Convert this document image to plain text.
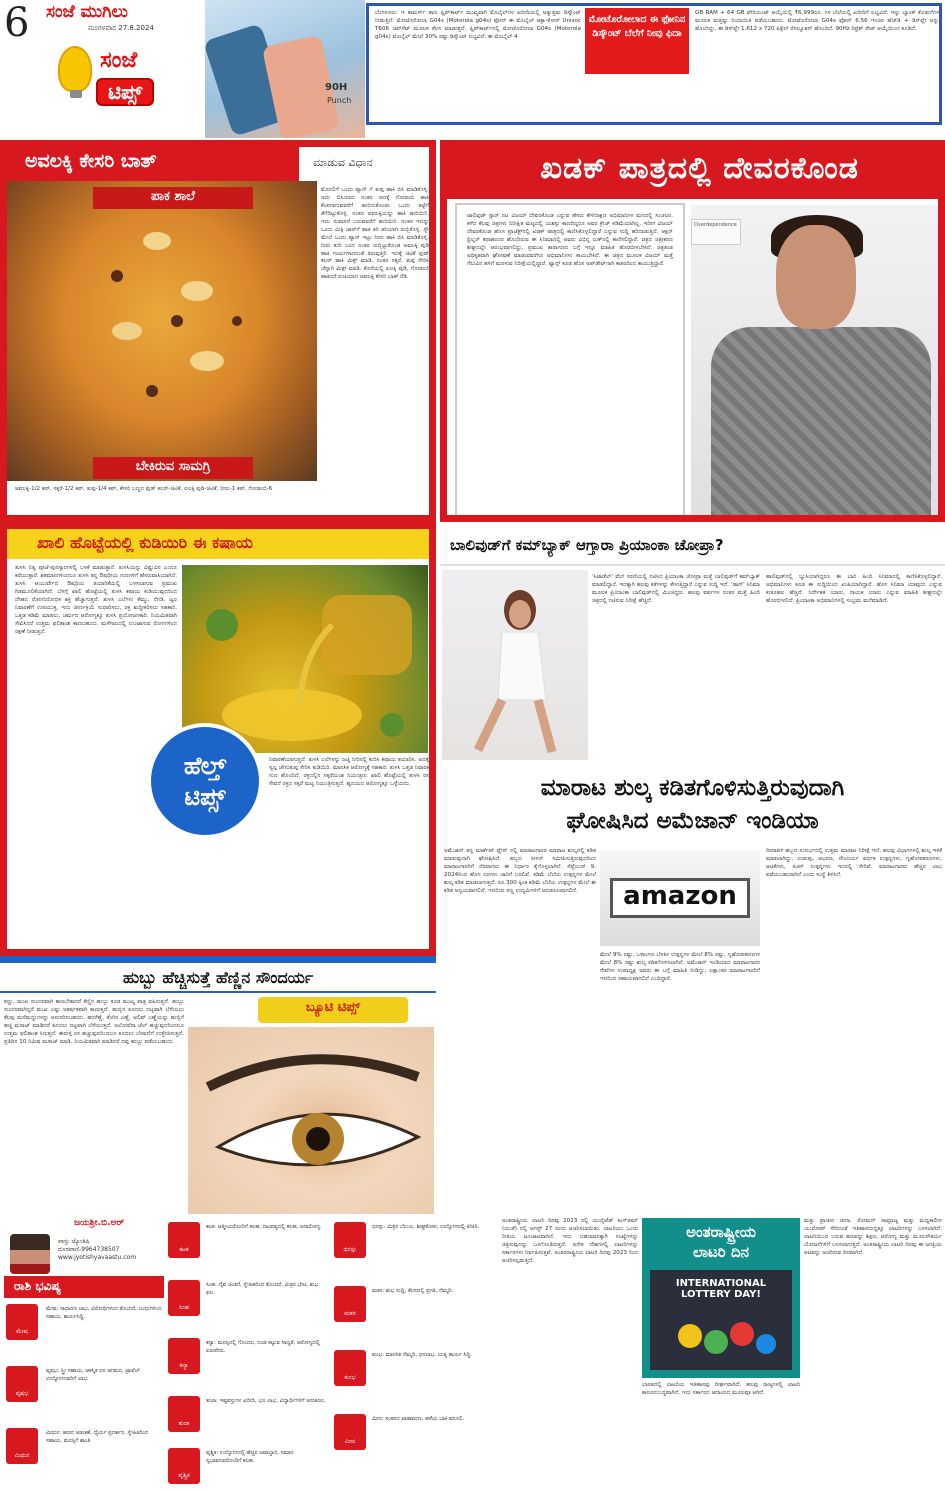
6 ಸಂಜೆ ಮುಗಿಲು
ಮಂಗಳವಾರ 27.8.2024
ಸಂಜೆ
ಟಿಪ್ಸ್	90H
Punch
ಬೆಂಗಳೂರು: ಇ ಕಾಮರ್ಸ್ ತಾಣ ಫ್ಲಿಪ್‌ಕಾರ್ಟ್ ಮುಖ್ಯವಾಗಿ ಮೊಬೈಲ್‌ಗಳ ಖರೀದಿಯಲ್ಲಿ ಅತ್ಯುತ್ತಮ ಡಿಸ್ಕೌಂಟ್ ನೀಡುತ್ತಿದೆ. ಮೋಟೊರೋಲಾ G04s (Motorola g04s) ಫೋನ್ ಈ ಮೊಬೈಲ್ ಆಕ್ಟಾ-ಕೋರ್ Unisoc T606 ಚಿಪ್‌ಸೆಟ್ ಮೂಲಕ ಕೆಲಸ ಮಾಡುತ್ತದೆ. ಫ್ಲಿಪ್‌ಕಾರ್ಟ್‌ನಲ್ಲಿ ಮೋಟೊರೋಲಾ G04s (Motorola g04s) ಮೊಬೈಲ್ ಮೇಲೆ 30% ರಷ್ಟು ಡಿಸ್ಕೌಂಟ್ ಲಭ್ಯವಿದೆ. ಈ ಮೊಬೈಲ್ 4
ಮೋಟೊರೋಲಾದ ಈ ಫೋನಿನ ಡಿಸ್ಕೌಂಟ್ ಬೆಲೆಗೆ ನೀವು ಫಿದಾ
GB RAM + 64 GB ವೇರಿಯಂಟ್ ಆಯ್ಕೆಯಲ್ಲಿ ₹6,999ರೂ. ಗಳ ಬೆಲೆಯಲ್ಲಿ ಖರೀದಿಗೆ ಲಭ್ಯವಿದೆ. ಇನ್ನು ಬ್ಯಾಂಕ್ ಕೊಡುಗೆಗಳ ಮೂಲಕ ಮತ್ತಷ್ಟು ರಿಯಾಯಿತಿ ಪಡೆಯಬಹುದು. ಮೋಟೊರೋಲಾ G04s ಫೋನ್ 6.56 ಇಂಚಿನ ಹೆಚ್‌ಡಿ + ಡಿಸ್‌ಪ್ಲೇ ಅನ್ನು ಹೊಂದಿದ್ದು, ಈ ಡಿಸ್‌ಪ್ಲೇ 1,612 x 720 ಪಿಕ್ಸೆಲ್ ರೆಸಲ್ಯೂಶನ್ ಹೊಂದಿದೆ. 90Hz ರಿಫ್ರೆಶ್ ರೇಟ್ ಆಯ್ಕೆಯಿಂದ ಕೂಡಿದೆ.
ಅವಲಕ್ಕಿ ಕೇಸರಿ ಬಾತ್	ಮಾಡುವ ವಿಧಾನ
ಪಾಕ ಶಾಲೆ
ಬೇಕಿರುವ ಸಾಮಗ್ರಿ
ಅವಲಕ್ಕಿ-1/2 ಕಪ್, ಸಕ್ಕರೆ-1/2 ಕಪ್, ತುಪ್ಪ-1/4 ಕಪ್, ಕೇಸರಿ ಬಣ್ಣದ ಫುಡ್ ಕಲರ್-ಚಿಟಿಕೆ, ಏಲಕ್ಕಿ ಪುಡಿ-ಚಿಟಿಕೆ, ನೀರು-1 ಕಪ್, ಗೋಡಂಬಿ-6
ಮೊದಲಿಗೆ ಒಂದು ಪ್ಯಾನ್ ಗೆ ತುಪ್ಪ ಹಾಕಿ ಬಿಸಿ ಮಾಡಿಕೊಳ್ಳಿ. ಅದು ಬಿಸಿಯಾದ ನಂತರ ಅದಕ್ಕೆ ಗೋಡಂಬಿ ಹಾಕಿ ಕೆಂಪಗಾಗುವವರೆಗೆ ಹುರಿದುಕೊಂಡು ಒಂದು ತಟ್ಟೆಗೆ ತೆಗೆದಿಟ್ಟುಕೊಳ್ಳಿ. ನಂತರ ಅವಲಕ್ಕಿಯನ್ನು ಹಾಕಿ ಹುರಿಯಿರಿ. ಇದು ಸುವಾಸನೆ ಬರುವವರೆಗೆ ಹುರಿಯಿರಿ. ನಂತರ ಇದನ್ನು ಒಂದು ಮಿಕ್ಸಿ ಜಾರ್‌ಗೆ ಹಾಕಿ ತರಿ ತರಿಯಾಗಿ ರುಬ್ಬಿಕೊಳ್ಳಿ. ಸ್ಟೌ ಮೇಲೆ ಒಂದು ಪ್ಯಾನ್ ಇಟ್ಟು ನೀರು ಹಾಕಿ ಬಿಸಿ ಮಾಡಿಕೊಳ್ಳಿ. ನೀರು ಕುದಿ ಬಂದ ನಂತರ ರುಬ್ಬಿಟ್ಟುಕೊಂಡ ಅವಲಕ್ಕಿ ಪುಡಿ ಹಾಕಿ ಗಂಟುಗಳಾಗದಂತೆ ತಿರುವುತ್ತಿರಿ. ಇದಕ್ಕೆ ಚಿಟಿಕೆ ಫುಡ್ ಕಲರ್ ಹಾಕಿ ಮಿಕ್ಸ್ ಮಾಡಿ. ನಂತರ ಸಕ್ಕರೆ, ತುಪ್ಪ ಸೇರಿಸಿ ಚೆನ್ನಾಗಿ ಮಿಕ್ಸ್ ಮಾಡಿ. ಕೊನೆಯಲ್ಲಿ ಏಲಕ್ಕಿ ಪುಡಿ, ಗೋಡಂಬಿ ಹಾಕಿದರೆ ರುಚಿಯಾದ ಅವಲಕ್ಕಿ ಕೇಸರಿ ಬಾತ್ ರೆಡಿ.
ಖಡಕ್ ಪಾತ್ರದಲ್ಲಿ ದೇವರಕೊಂಡ
ಟಾಲಿವುಡ್ ಸ್ಟಾರ್ ನಟ ವಿಜಯ್ ದೇವರಕೊಂಡ ಎನ್ನುವ ಹೆಸರು ಕೇಳಿದಾಕ್ಷಣ ಅಭಿಮಾನಿಗಳ ಮನದಲ್ಲಿ ಸಂಚಲನ. ಕಳೆದ ಕೆಲವು ಚಿತ್ರಗಳು ನಿರೀಕ್ಷಿತ ಮಟ್ಟದಲ್ಲಿ ಯಶಸ್ಸು ಕಾಣದಿದ್ದರೂ ಅವರ ಕ್ರೇಜ್ ಕಡಿಮೆಯಾಗಿಲ್ಲ. ಇದೀಗ ವಿಜಯ್ ದೇವರಕೊಂಡ ಹೊಸ ಪ್ರಾಜೆಕ್ಟ್‌ನಲ್ಲಿ ಖಡಕ್ ಪಾತ್ರದಲ್ಲಿ ಕಾಣಿಸಿಕೊಳ್ಳಲಿದ್ದಾರೆ ಎನ್ನುವ ಸುದ್ದಿ ಹರಿದಾಡುತ್ತಿದೆ. ಆಕ್ಷನ್ ಥ್ರಿಲ್ಲರ್ ಕಥಾಹಂದರ ಹೊಂದಿರುವ ಈ ಸಿನಿಮಾದಲ್ಲಿ ಅವರು ವಿಭಿನ್ನ ಲುಕ್‌ನಲ್ಲಿ ಕಾಣಿಸಲಿದ್ದಾರೆ. ಚಿತ್ರದ ಚಿತ್ರೀಕರಣ ಶೀಘ್ರದಲ್ಲೇ ಆರಂಭವಾಗಲಿದ್ದು, ಪ್ರಮುಖ ತಾರಾಗಣದ ಬಗ್ಗೆ ಇನ್ನೂ ಮಾಹಿತಿ ಹೊರಬೀಳಬೇಕಿದೆ. ಚಿತ್ರತಂಡ ಅಧಿಕೃತವಾಗಿ ಘೋಷಣೆ ಮಾಡುವವರೆಗೂ ಅಭಿಮಾನಿಗಳು ಕಾಯಬೇಕಿದೆ. ಈ ಚಿತ್ರದ ಮೂಲಕ ವಿಜಯ್ ಮತ್ತೆ ಗೆಲುವಿನ ಹಳಿಗೆ ಮರಳುವ ನಿರೀಕ್ಷೆಯಲ್ಲಿದ್ದಾರೆ. ಫ್ಯಾನ್ಸ್ ಕೂಡ ಹೊಸ ಅಪ್‌ಡೇಟ್‌ಗಾಗಿ ಕಾತರದಿಂದ ಕಾಯುತ್ತಿದ್ದಾರೆ.
Overdependence
ಖಾಲಿ ಹೊಟ್ಟೆಯಲ್ಲಿ ಕುಡಿಯಿರಿ ಈ ಕಷಾಯ
ತುಳಸಿ ನಿತ್ಯ ಪೂಜೆ-ಪುನಸ್ಕಾರಗಳಲ್ಲಿ ಬಳಕೆ ಮಾಡುತ್ತಾರೆ. ತುಳಸಿಯನ್ನು ವಿಷ್ಣುವಿನ ಎಂದೂ ಕರೆಯುತ್ತಾರೆ. ಶತಮಾನಗಳಿಂದಲೂ ತುಳಸಿ ತನ್ನ ಔಷಧೀಯ ಗುಣಗಳಿಗೆ ಹೆಸರುವಾಸಿಯಾಗಿದೆ. ತುಳಸಿ ಆಯುರ್ವೇದ ಔಷಧಿಯ ತಯಾರಿಕೆಯಲ್ಲಿ ಬಳಸಲಾಗುವ ಪ್ರಮುಖ ಗಿಡಮೂಲಿಕೆಯಾಗಿದೆ. ಬೆಳಗ್ಗೆ ಖಾಲಿ ಹೊಟ್ಟೆಯಲ್ಲಿ ತುಳಸಿ ಕಷಾಯ ಕುಡಿಯುವುದರಿಂದ ದೇಹದ ರೋಗನಿರೋಧಕ ಶಕ್ತಿ ಹೆಚ್ಚಾಗುತ್ತದೆ. ತುಳಸಿ ಎಲೆಗಳು ಕೆಮ್ಮು, ನೆಗಡಿ, ಜ್ವರ ನಿವಾರಣೆಗೆ ಉಪಯುಕ್ತ. ಇದು ಜೀರ್ಣಕ್ರಿಯೆ ಸುಧಾರಿಸಲು, ರಕ್ತ ಶುದ್ಧೀಕರಿಸಲು ಸಹಕಾರಿ. ಒತ್ತಡ ಕಡಿಮೆ ಮಾಡಲು, ಚರ್ಮದ ಆರೋಗ್ಯಕ್ಕೂ ತುಳಸಿ ಪ್ರಯೋಜನಕಾರಿ. ನಿಯಮಿತವಾಗಿ ಸೇವಿಸಿದರೆ ಉತ್ತಮ ಫಲಿತಾಂಶ ಕಾಣಬಹುದು. ಮಳೆಗಾಲದಲ್ಲಿ ಉಂಟಾಗುವ ರೋಗಗಳಿಂದ ರಕ್ಷಣೆ ನೀಡುತ್ತದೆ.
ಹೆಲ್ತ್
ಟಿಪ್ಸ್
ನಿವಾರಣೆಯಾಗುತ್ತದೆ. ತುಳಸಿ ಎಲೆಗಳನ್ನು ಜಜ್ಜಿ ನೀರಿನಲ್ಲಿ ಕುದಿಸಿ ಕಷಾಯ ತಯಾರಿಸಿ. ಅದಕ್ಕೆ ಸ್ವಲ್ಪ ಜೇನುತುಪ್ಪ ಸೇರಿಸಿ ಕುಡಿಯಿರಿ. ಮಾನಸಿಕ ಆರೋಗ್ಯಕ್ಕೆ ಸಹಕಾರಿ: ತುಳಸಿ ಒತ್ತಡ ನಿವಾರಕ ಗುಣ ಹೊಂದಿದೆ. ರಕ್ತದಲ್ಲಿನ ಸಕ್ಕರೆಯಂಶ ನಿಯಂತ್ರಣ: ಖಾಲಿ ಹೊಟ್ಟೆಯಲ್ಲಿ ತುಳಸಿ ರಸ ಸೇವನೆ ರಕ್ತದ ಸಕ್ಕರೆ ಮಟ್ಟ ನಿಯಂತ್ರಿಸುತ್ತದೆ. ಹೃದಯದ ಆರೋಗ್ಯಕ್ಕೂ ಒಳ್ಳೆಯದು.
ಬಾಲಿವುಡ್‌ಗೆ ಕಮ್‌ಬ್ಯಾಕ್ ಆಗ್ತಾರಾ ಪ್ರಿಯಾಂಕಾ ಚೋಪ್ರಾ?
'ಸಿಟಾಡೆಲ್' ವೆಬ್ ಸರಣಿಯಲ್ಲಿ ನಟಿಸಿದ ಪ್ರಿಯಾಂಕಾ ಚೋಪ್ರಾ ಮತ್ತೆ ಬಾಲಿವುಡ್‌ಗೆ ಕಮ್‌ಬ್ಯಾಕ್ ಮಾಡಲಿದ್ದಾರೆ. ಇದಕ್ಕಾಗಿ ಹಲವು ಕತೆಗಳನ್ನು ಕೇಳುತ್ತಿದ್ದಾರೆ ಎನ್ನುವ ಸುದ್ದಿ ಇದೆ. 'ಡಾನ್' ಸಿನಿಮಾ ಮೂಲಕ ಪ್ರಿಯಾಂಕಾ ಬಾಲಿವುಡ್‌ನಲ್ಲಿ ಮಿಂಚಿದ್ದರು. ಹಲವು ವರ್ಷಗಳ ನಂತರ ಮತ್ತೆ ಹಿಂದಿ ಚಿತ್ರದಲ್ಲಿ ನಟಿಸುವ ನಿರೀಕ್ಷೆ ಹೆಚ್ಚಿದೆ.
ಹಾಲಿವುಡ್‌ನಲ್ಲಿ ಬ್ಯುಸಿಯಾಗಿದ್ದರೂ ಈ ಬಾರಿ ಹಿಂದಿ ಸಿನಿಮಾದಲ್ಲಿ ಕಾಣಿಸಿಕೊಳ್ಳಲಿದ್ದಾರೆ. ಅಭಿಮಾನಿಗಳು ಕೂಡ ಈ ಸುದ್ದಿಯಿಂದ ಖುಷಿಯಾಗಿದ್ದಾರೆ. ಹೊಸ ಸಿನಿಮಾ ಯಾವುದು ಎನ್ನುವ ಕುತೂಹಲ ಹೆಚ್ಚಿದೆ. ನಿರ್ದೇಶಕ ಯಾರು, ನಾಯಕ ಯಾರು ಎನ್ನುವ ಮಾಹಿತಿ ಶೀಘ್ರದಲ್ಲೇ ಹೊರಬೀಳಲಿದೆ. ಪ್ರಿಯಾಂಕಾ ಅಭಿಮಾನಿಗಳಲ್ಲಿ ಸಂಭ್ರಮ ಮನೆಮಾಡಿದೆ.
ಮಾರಾಟ ಶುಲ್ಕ ಕಡಿತಗೊಳಿಸುತ್ತಿರುವುದಾಗಿ
ಘೋಷಿಸಿದ ಅಮೆಜಾನ್ ಇಂಡಿಯಾ
ಅಮೆಜಾನ್ ತನ್ನ ಮಾರ್ಕೆಟ್ ಪ್ಲೇಸ್ ನಲ್ಲಿ ಮಾರಾಟಗಾರರ ಮಾರಾಟ ಶುಲ್ಕದಲ್ಲಿ ಕಡಿತ ಮಾಡುವುದಾಗಿ ಘೋಷಿಸಿದೆ. ಹಬ್ಬದ ಸೀಸನ್ ಸಮೀಪಿಸುತ್ತಿರುವುದರಿಂದ ಮಾರಾಟಗಾರರಿಗೆ ನೆರವಾಗಲು ಈ ನಿರ್ಧಾರ ಕೈಗೊಳ್ಳಲಾಗಿದೆ. ಸೆಪ್ಟೆಂಬರ್ 9, 2024ರಿಂದ ಹೊಸ ದರಗಳು ಜಾರಿಗೆ ಬರಲಿವೆ. ಕಡಿಮೆ ಬೆಲೆಯ ಉತ್ಪನ್ನಗಳ ಮೇಲೆ ಶುಲ್ಕ ಕಡಿತ ಮಾಡಲಾಗುತ್ತದೆ. ರೂ.300 ಕ್ಕಿಂತ ಕಡಿಮೆ ಬೆಲೆಯ ಉತ್ಪನ್ನಗಳ ಮೇಲೆ ಈ ಕಡಿತ ಅನ್ವಯವಾಗಲಿದೆ. ಇದರಿಂದ ಸಣ್ಣ ಉದ್ಯಮಿಗಳಿಗೆ ಅನುಕೂಲವಾಗಲಿದೆ.	amazon
ಮೇಲೆ 9% ರಷ್ಟು, ಒಳಾಂಗಣ ಬೆಳಕಿನ ಉತ್ಪನ್ನಗಳ ಮೇಲೆ 8% ರಷ್ಟು, ಗೃಹೋಪಕರಣಗಳ ಮೇಲೆ 8% ರಷ್ಟು ಶುಲ್ಕ ಕಡಿತಗೊಳಿಸಲಾಗಿದೆ. ಅಮೆಜಾನ್ ಇಂಡಿಯಾದ ಮಾರಾಟಗಾರರ ಸೇವೆಗಳ ಉಪಾಧ್ಯಕ್ಷ ಅವರು ಈ ಬಗ್ಗೆ ಮಾಹಿತಿ ನೀಡಿದ್ದು, ಲಕ್ಷಾಂತರ ಮಾರಾಟಗಾರರಿಗೆ ಇದರಿಂದ ಸಹಾಯವಾಗಲಿದೆ ಎಂದಿದ್ದಾರೆ.
ದೀಪಾವಳಿ ಹಬ್ಬದ ಸಂದರ್ಭದಲ್ಲಿ ಉತ್ತಮ ಮಾರಾಟ ನಿರೀಕ್ಷೆ ಇದೆ. ಹಲವು ವಿಭಾಗಗಳಲ್ಲಿ ಶುಲ್ಕ ಇಳಿಕೆ ಮಾಡಲಾಗಿದ್ದು, ಉಡುಪು, ಆಭರಣ, ಸೌಂದರ್ಯ ವರ್ಧಕ ಉತ್ಪನ್ನಗಳು, ಗೃಹೋಪಕರಣಗಳು, ಆಟಿಕೆಗಳು, ಕಿಚನ್ ಉತ್ಪನ್ನಗಳು ಇದರಲ್ಲಿ ಸೇರಿವೆ. ಮಾರಾಟಗಾರರು ಹೆಚ್ಚಿನ ಲಾಭ ಪಡೆಯಬಹುದಾಗಿದೆ ಎಂದು ಸಂಸ್ಥೆ ತಿಳಿಸಿದೆ.
ಹುಬ್ಬು ಹೆಚ್ಚಿಸುತ್ತೆ ಹೆಣ್ಣಿನ ಸೌಂದರ್ಯ
ಬ್ಯೂಟಿ ಟಿಪ್ಸ್
ಕಣ್ಣು, ಮುಖ ಸುಂದರವಾಗಿ ಕಾಣಬೇಕಾದರೆ ಕೆಣ್ಣಿನ ಹುಬ್ಬು ಕೂಡ ಮುಖ್ಯ ಪಾತ್ರ ವಹಿಸುತ್ತದೆ. ಹುಬ್ಬು ಸುಂದರವಾಗಿದ್ದರೆ ಮುಖ ಎಷ್ಟು ಆಕರ್ಷಕವಾಗಿ ಕಾಣುತ್ತದೆ. ಹುಬ್ಬಿನ ಕೂದಲು ದಟ್ಟವಾಗಿ ಬೆಳೆಯಲು ಕೆಲವು ಮನೆಮದ್ದುಗಳನ್ನು ಅನುಸರಿಸಬಹುದು. ಹರಳೆಣ್ಣೆ, ತೆಂಗಿನ ಎಣ್ಣೆ, ಆಲಿವ್ ಎಣ್ಣೆಯನ್ನು ಹುಬ್ಬಿಗೆ ಹಚ್ಚಿ ಮಸಾಜ್ ಮಾಡಿದರೆ ಕೂದಲು ದಟ್ಟವಾಗಿ ಬೆಳೆಯುತ್ತದೆ. ಅಲೋವೆರಾ ಜೆಲ್ ಹಚ್ಚುವುದರಿಂದಲೂ ಉತ್ತಮ ಫಲಿತಾಂಶ ಸಿಗುತ್ತದೆ. ಈರುಳ್ಳಿ ರಸ ಹಚ್ಚುವುದರಿಂದಲೂ ಕೂದಲು ಬೆಳವಣಿಗೆ ಉತ್ತೇಜಿಸುತ್ತದೆ. ಪ್ರತಿದಿನ 10 ನಿಮಿಷ ಮಸಾಜ್ ಮಾಡಿ. ನಿಯಮಿತವಾಗಿ ಮಾಡಿದರೆ ದಪ್ಪ ಹುಬ್ಬು ಪಡೆಯಬಹುದು.
ಜಯಶ್ರೀ.ಬಿ.ಆರ್
ವಾಸ್ತು ಜ್ಯೋತಿಷಿ
ದೂರವಾಣಿ-9964738507
www.jyotishyavaastu.com
ರಾಶಿ ಭವಿಷ್ಯ
ಮೇಷ
ಮೇಷ: ಸಾಧಾರಣ ಲಾಭ, ವಿರೋಧಿಗಳಿಂದ ತೊಂದರೆ, ಬಂಧುಗಳಿಂದ ಸಹಾಯ, ಕಾರ್ಯಸಿದ್ಧಿ.
ವೃಷಭ
ವೃಷಭ: ಸ್ತ್ರೀ ಸಹಾಯ, ಆಕಸ್ಮಿಕ ಧನ ಆಗಮನ, ಟ್ರಾವೆಲ್ ಉದ್ಯೋಗದವರಿಗೆ ಲಾಭ.
ಮಿಥುನ
ಮಿಥುನ: ಹಣದ ಅಡಚಣೆ, ಧೈರ್ಯ ಪ್ರದರ್ಶನ, ಸ್ನೇಹಿತರಿಂದ ಸಹಾಯ, ಮನಸ್ಸಿಗೆ ಶಾಂತಿ.
ಕಟಕ
ಕಟಕ: ಆತ್ಮೀಯರೊಂದಿಗೆ ಕಲಹ, ದಾಂಪತ್ಯದಲ್ಲಿ ಕಲಹ, ಅನಾರೋಗ್ಯ.
ಸಿಂಹ
ಸಿಂಹ: ದೈವ ಚಿಂತನೆ, ಸ್ನೇಹಿತರಿಂದ ತೊಂದರೆ, ಮಿತ್ರರ ಭೇಟಿ, ಶುಭ ಫಲ.
ಕನ್ಯಾ
ಕನ್ಯಾ: ಮನಸ್ಸಿನಲ್ಲಿ ಗೊಂದಲ, ದಂಡ ಕಟ್ಟುವ ಸಾಧ್ಯತೆ, ಆರೋಗ್ಯದಲ್ಲಿ ಏರುಪೇರು.
ತುಲಾ
ತುಲಾ: ಇಷ್ಟವಸ್ತುಗಳ ಖರೀದಿ, ಭೂ ಲಾಭ, ವಿದ್ಯಾರ್ಥಿಗಳಿಗೆ ಅನುಕೂಲ.
ವೃಶ್ಚಿಕ
ವೃಶ್ಚಿಕ: ಉದ್ಯೋಗದಲ್ಲಿ ಹೆಚ್ಚಿನ ಜವಾಬ್ದಾರಿ, ಸಮಾನ ಸ್ವಭಾವದವರೊಂದಿಗೆ ಕಲಹ.
ಧನಸ್ಸು
ಧನಸ್ಸು: ಮಿತ್ರರ ಬೆಂಬಲ, ಶೀಘ್ರಕೋಪ, ಉದ್ಯೋಗದಲ್ಲಿ ಕಿರಿಕಿರಿ.
ಮಕರ
ಮಕರ: ಶುಭ ಸುದ್ದಿ, ಕೆಲಸದಲ್ಲಿ ಪ್ರಗತಿ, ನೆಮ್ಮದಿ.
ಕುಂಭ
ಕುಂಭ: ಮಾನಸಿಕ ನೆಮ್ಮದಿ, ಧನಲಾಭ, ಯತ್ನ ಕಾರ್ಯ ಸಿದ್ಧಿ.
ಮೀನ
ಮೀನ: ಸಂತಸದ ವಾತಾವರಣ, ಹಳೆಯ ಬಾಕಿ ವಸೂಲಿ.
ಅಂತರಾಷ್ಟ್ರೀಯ ಲಾಟರಿ ದಿನವು 2023 ರಲ್ಲಿ ಯುನೈಟೆಡ್ ಕಿಂಗ್‌ಡಮ್ (ಯುಕೆ) ನಲ್ಲಿ ಆಗಸ್ಟ್ 27 ರಂದು ಆಚರಿಸಲಾಯಿತು. ಲಾಟರಿಯು ಒಂದು ರೀತಿಯ ಜೂಜಾಟವಾಗಿದೆ. ಇದು ಬಹುಮಾನಕ್ಕಾಗಿ ಸಂಖ್ಯೆಗಳನ್ನು ಚಿತ್ರಿಸುವುದನ್ನು ಒಳಗೊಂಡಿರುತ್ತದೆ. ಅನೇಕ ದೇಶಗಳಲ್ಲಿ ಲಾಟರಿಗಳನ್ನು ಸರ್ಕಾರಗಳು ನಿರ್ವಹಿಸುತ್ತವೆ. ಅಂತರರಾಷ್ಟ್ರೀಯ ಲಾಟರಿ ದಿನವು 2023 ರಿಂದ ಆಚರಿಸಲ್ಪಡುತ್ತಿದೆ.
ಅಂತರಾಷ್ಟ್ರೀಯ
ಲಾಟರಿ ದಿನ
INTERNATIONAL LOTTERY DAY!
ಭಾರತದಲ್ಲಿ ಲಾಟರಿಯ ಇತಿಹಾಸವು ದೀರ್ಘವಾಗಿದೆ. ಹಲವು ರಾಜ್ಯಗಳಲ್ಲಿ ಲಾಟರಿ ಕಾನೂನುಬದ್ಧವಾಗಿದೆ. ಇದು ಸರ್ಕಾರದ ಆದಾಯದ ಮೂಲವೂ ಆಗಿದೆ.
ಮತ್ತು ಪ್ರಾಚೀನ ಚೀನಾ, ರೋಮನ್ ಸಾಮ್ರಾಜ್ಯ ಮತ್ತು ಮಧ್ಯಕಾಲೀನ ಯುರೋಪ್ ಸೇರಿದಂತೆ ಇತಿಹಾಸದುದ್ದಕ್ಕೂ ಲಾಟರಿಗಳನ್ನು ಬಳಸಲಾಗಿದೆ. ಲಾಟರಿಯಿಂದ ಬರುವ ಹಣವನ್ನು ಶಿಕ್ಷಣ, ಆರೋಗ್ಯ ಮತ್ತು ಮೂಲಸೌಕರ್ಯ ಯೋಜನೆಗಳಿಗೆ ಬಳಸಲಾಗುತ್ತದೆ. ಅಂತರಾಷ್ಟ್ರೀಯ ಲಾಟರಿ ದಿನವು ಈ ಜನಪ್ರಿಯ ಆಟವನ್ನು ಆಚರಿಸುವ ದಿನವಾಗಿದೆ.
